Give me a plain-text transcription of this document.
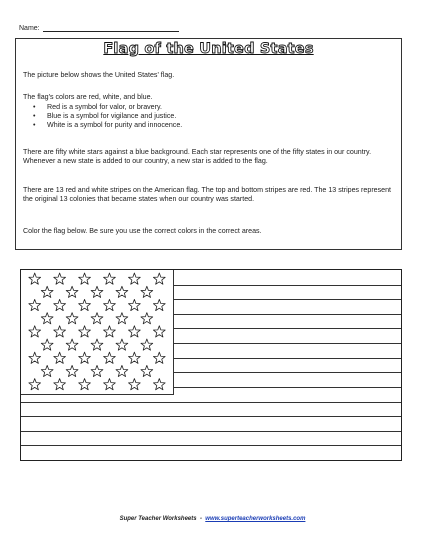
Name:
Flag of the United States
The picture below shows the United States' flag.
The flag's colors are red, white, and blue.
• Red is a symbol for valor, or bravery.
• Blue is a symbol for vigilance and justice.
• White is a symbol for purity and innocence.
There are fifty white stars against a blue background. Each star represents one of the fifty states in our country. Whenever a new state is added to our country, a new star is added to the flag.
There are 13 red and white stripes on the American flag. The top and bottom stripes are red. The 13 stripes represent the original 13 colonies that became states when our country was started.
Color the flag below. Be sure you use the correct colors in the correct areas.
Super Teacher Worksheets - www.superteacherworksheets.com
